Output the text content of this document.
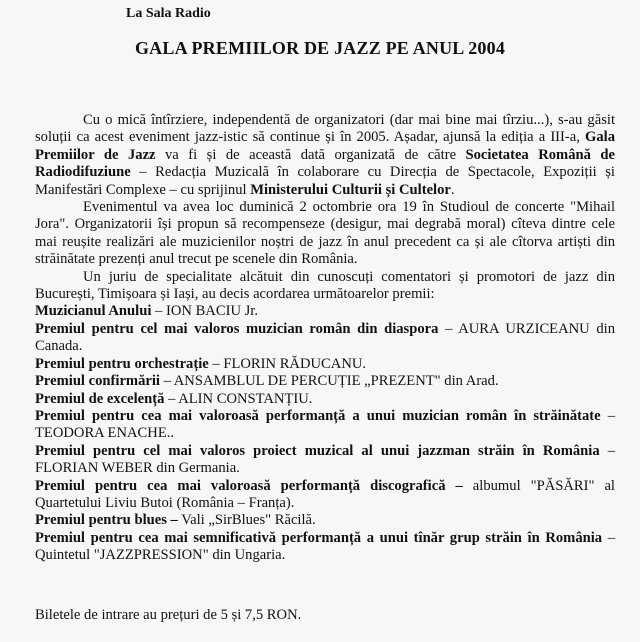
La Sala Radio
GALA PREMIILOR DE JAZZ PE ANUL 2004

Cu o mică întîrziere, independentă de organizatori (dar mai bine mai tîrziu...), s-au găsit soluții ca acest eveniment jazz-istic să continue și în 2005. Așadar, ajunsă la ediția a III-a, Gala Premiilor de Jazz va fi și de această dată organizată de către Societatea Română de Radiodifuziune – Redacția Muzicală în colaborare cu Direcția de Spectacole, Expoziții și Manifestări Complexe – cu sprijinul Ministerului Culturii și Cultelor.

Evenimentul va avea loc duminică 2 octombrie ora 19 în Studioul de concerte "Mihail Jora". Organizatorii își propun să recompenseze (desigur, mai degrabă moral) cîteva dintre cele mai reușite realizări ale muzicienilor noștri de jazz în anul precedent ca și ale cîtorva artiști din străinătate prezenți anul trecut pe scenele din România.

Un juriu de specialitate alcătuit din cunoscuți comentatori și promotori de jazz din București, Timișoara și Iași, au decis acordarea următoarelor premii:

Muzicianul Anului – ION BACIU Jr.
Premiul pentru cel mai valoros muzician român din diaspora – AURA URZICEANU din Canada.
Premiul pentru orchestrație – FLORIN RĂDUCANU.
Premiul confirmării – ANSAMBLUL DE PERCUȚIE „PREZENT" din Arad.
Premiul de excelență – ALIN CONSTANȚIU.
Premiul pentru cea mai valoroasă performanță a unui muzician român în străinătate – TEODORA ENACHE..
Premiul pentru cel mai valoros proiect muzical al unui jazzman străin în România – FLORIAN WEBER din Germania.
Premiul pentru cea mai valoroasă performanță discografică – albumul "PĂSĂRI" al Quartetului Liviu Butoi (România – Franța).
Premiul pentru blues – Vali „SirBlues" Răcilă.
Premiul pentru cea mai semnificativă performanță a unui tînăr grup străin în România – Quintetul "JAZZPRESSION" din Ungaria.
Biletele de intrare au prețuri de 5 și 7,5 RON.
